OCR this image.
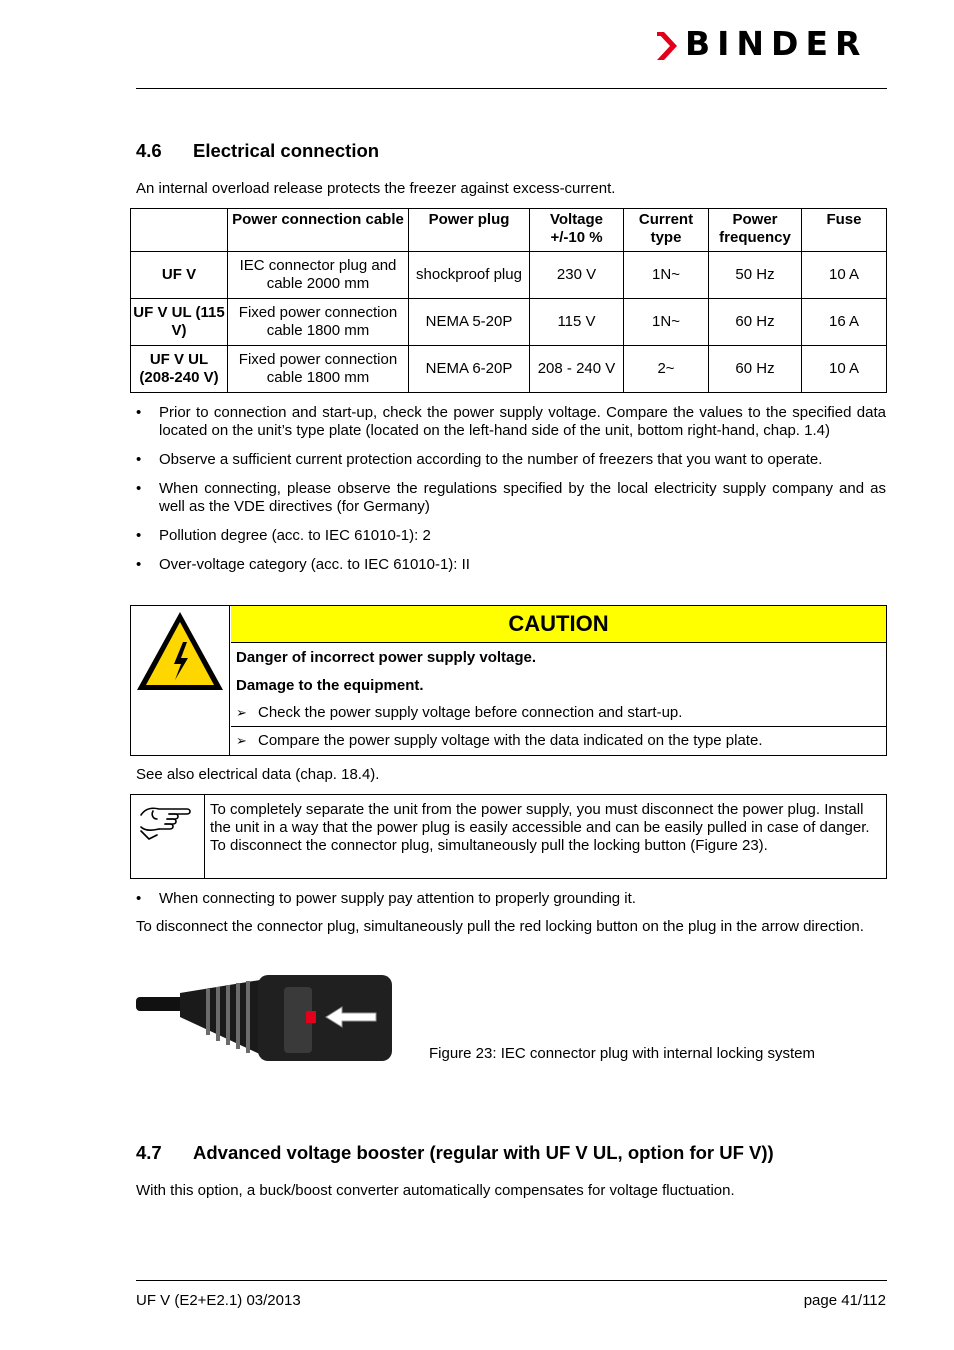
BINDER
4.6 Electrical connection

An internal overload release protects the freezer against excess-current.

	Power connection cable	Power plug	Voltage +/-10 %	Current type	Power frequency	Fuse
UF V	IEC connector plug and cable 2000 mm	shockproof plug	230 V	1N~	50 Hz	10 A
UF V UL (115 V)	Fixed power connection cable 1800 mm	NEMA 5-20P	115 V	1N~	60 Hz	16 A
UF V UL (208-240 V)	Fixed power connection cable 1800 mm	NEMA 6-20P	208 - 240 V	2~	60 Hz	10 A
• Prior to connection and start-up, check the power supply voltage. Compare the values to the specified data located on the unit’s type plate (located on the left-hand side of the unit, bottom right-hand, chap. 1.4)
• Observe a sufficient current protection according to the number of freezers that you want to operate.
• When connecting, please observe the regulations specified by the local electricity supply company and as well as the VDE directives (for Germany)
• Pollution degree (acc. to IEC 61010-1): 2
• Over-voltage category (acc. to IEC 61010-1): II
CAUTION
Danger of incorrect power supply voltage.
Damage to the equipment.
➢ Check the power supply voltage before connection and start-up.
➢ Compare the power supply voltage with the data indicated on the type plate.

See also electrical data (chap. 18.4).

To completely separate the unit from the power supply, you must disconnect the power plug. Install the unit in a way that the power plug is easily accessible and can be easily pulled in case of danger. To disconnect the connector plug, simultaneously pull the locking button (Figure 23).
• When connecting to power supply pay attention to properly grounding it.

To disconnect the connector plug, simultaneously pull the red locking button on the plug in the arrow direction.

Figure 23: IEC connector plug with internal locking system
4.7 Advanced voltage booster (regular with UF V UL, option for UF V))

With this option, a buck/boost converter automatically compensates for voltage fluctuation.

UF V (E2+E2.1) 03/2013	page 41/112
